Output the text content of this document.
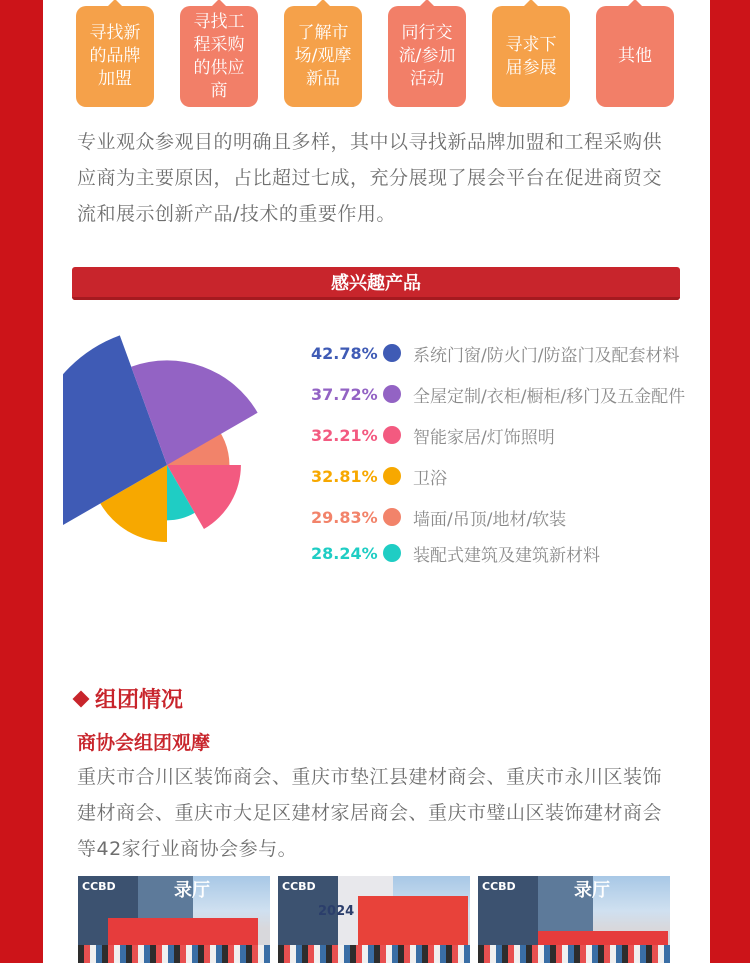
寻找新
的品牌
加盟
寻找工
程采购
的供应
商
了解市
场/观摩
新品
同行交
流/参加
活动
寻求下
届参展
其他
专业观众参观目的明确且多样，其中以寻找新品牌加盟和工程采购供应商为主要原因，占比超过七成，充分展现了展会平台在促进商贸交流和展示创新产品/技术的重要作用。
感兴趣产品
42.78% 系统门窗/防火门/防盗门及配套材料
37.72% 全屋定制/衣柜/橱柜/移门及五金配件
32.21% 智能家居/灯饰照明
32.81% 卫浴
29.83% 墙面/吊顶/地材/软装
28.24% 装配式建筑及建筑新材料
组团情况
商协会组团观摩
重庆市合川区装饰商会、重庆市垫江县建材商会、重庆市永川区装饰建材商会、重庆市大足区建材家居商会、重庆市璧山区装饰建材商会等42家行业商协会参与。
CCBD	录厅	CCBD
2024
CCBD	录厅
